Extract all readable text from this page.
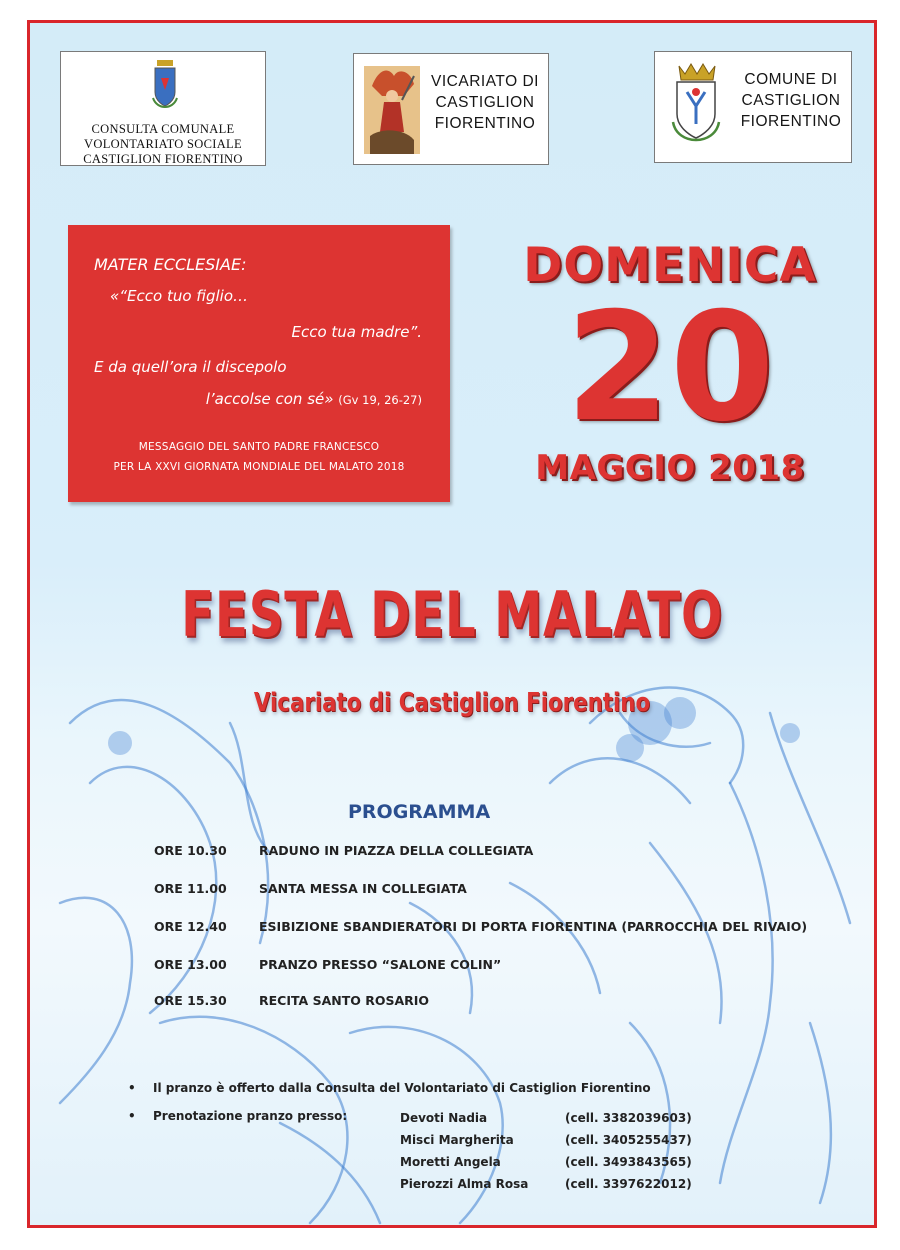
CONSULTA COMUNALE
VOLONTARIATO SOCIALE
CASTIGLION FIORENTINO
VICARIATO DI
CASTIGLION
FIORENTINO
COMUNE DI
CASTIGLION
FIORENTINO
MATER ECCLESIAE:
«“Ecco tuo figlio…
Ecco tua madre”.
E da quell’ora il discepolo
l’accolse con sé» (Gv 19, 26-27)
MESSAGGIO DEL SANTO PADRE FRANCESCO
PER LA XXVI GIORNATA MONDIALE DEL MALATO 2018
DOMENICA
20
MAGGIO 2018
FESTA DEL MALATO
Vicariato di Castiglion Fiorentino
PROGRAMMA
ORE 10.30	RADUNO IN PIAZZA DELLA COLLEGIATA
ORE 11.00	SANTA MESSA IN COLLEGIATA
ORE 12.40	ESIBIZIONE SBANDIERATORI DI PORTA FIORENTINA (PARROCCHIA DEL RIVAIO)
ORE 13.00	PRANZO PRESSO “SALONE COLIN”
ORE 15.30	RECITA SANTO ROSARIO
• Il pranzo è offerto dalla Consulta del Volontariato di Castiglion Fiorentino
• Prenotazione pranzo presso:	Devoti Nadia	(cell. 3382039603)
Misci Margherita	(cell. 3405255437)
Moretti Angela	(cell. 3493843565)
Pierozzi Alma Rosa	(cell. 3397622012)
